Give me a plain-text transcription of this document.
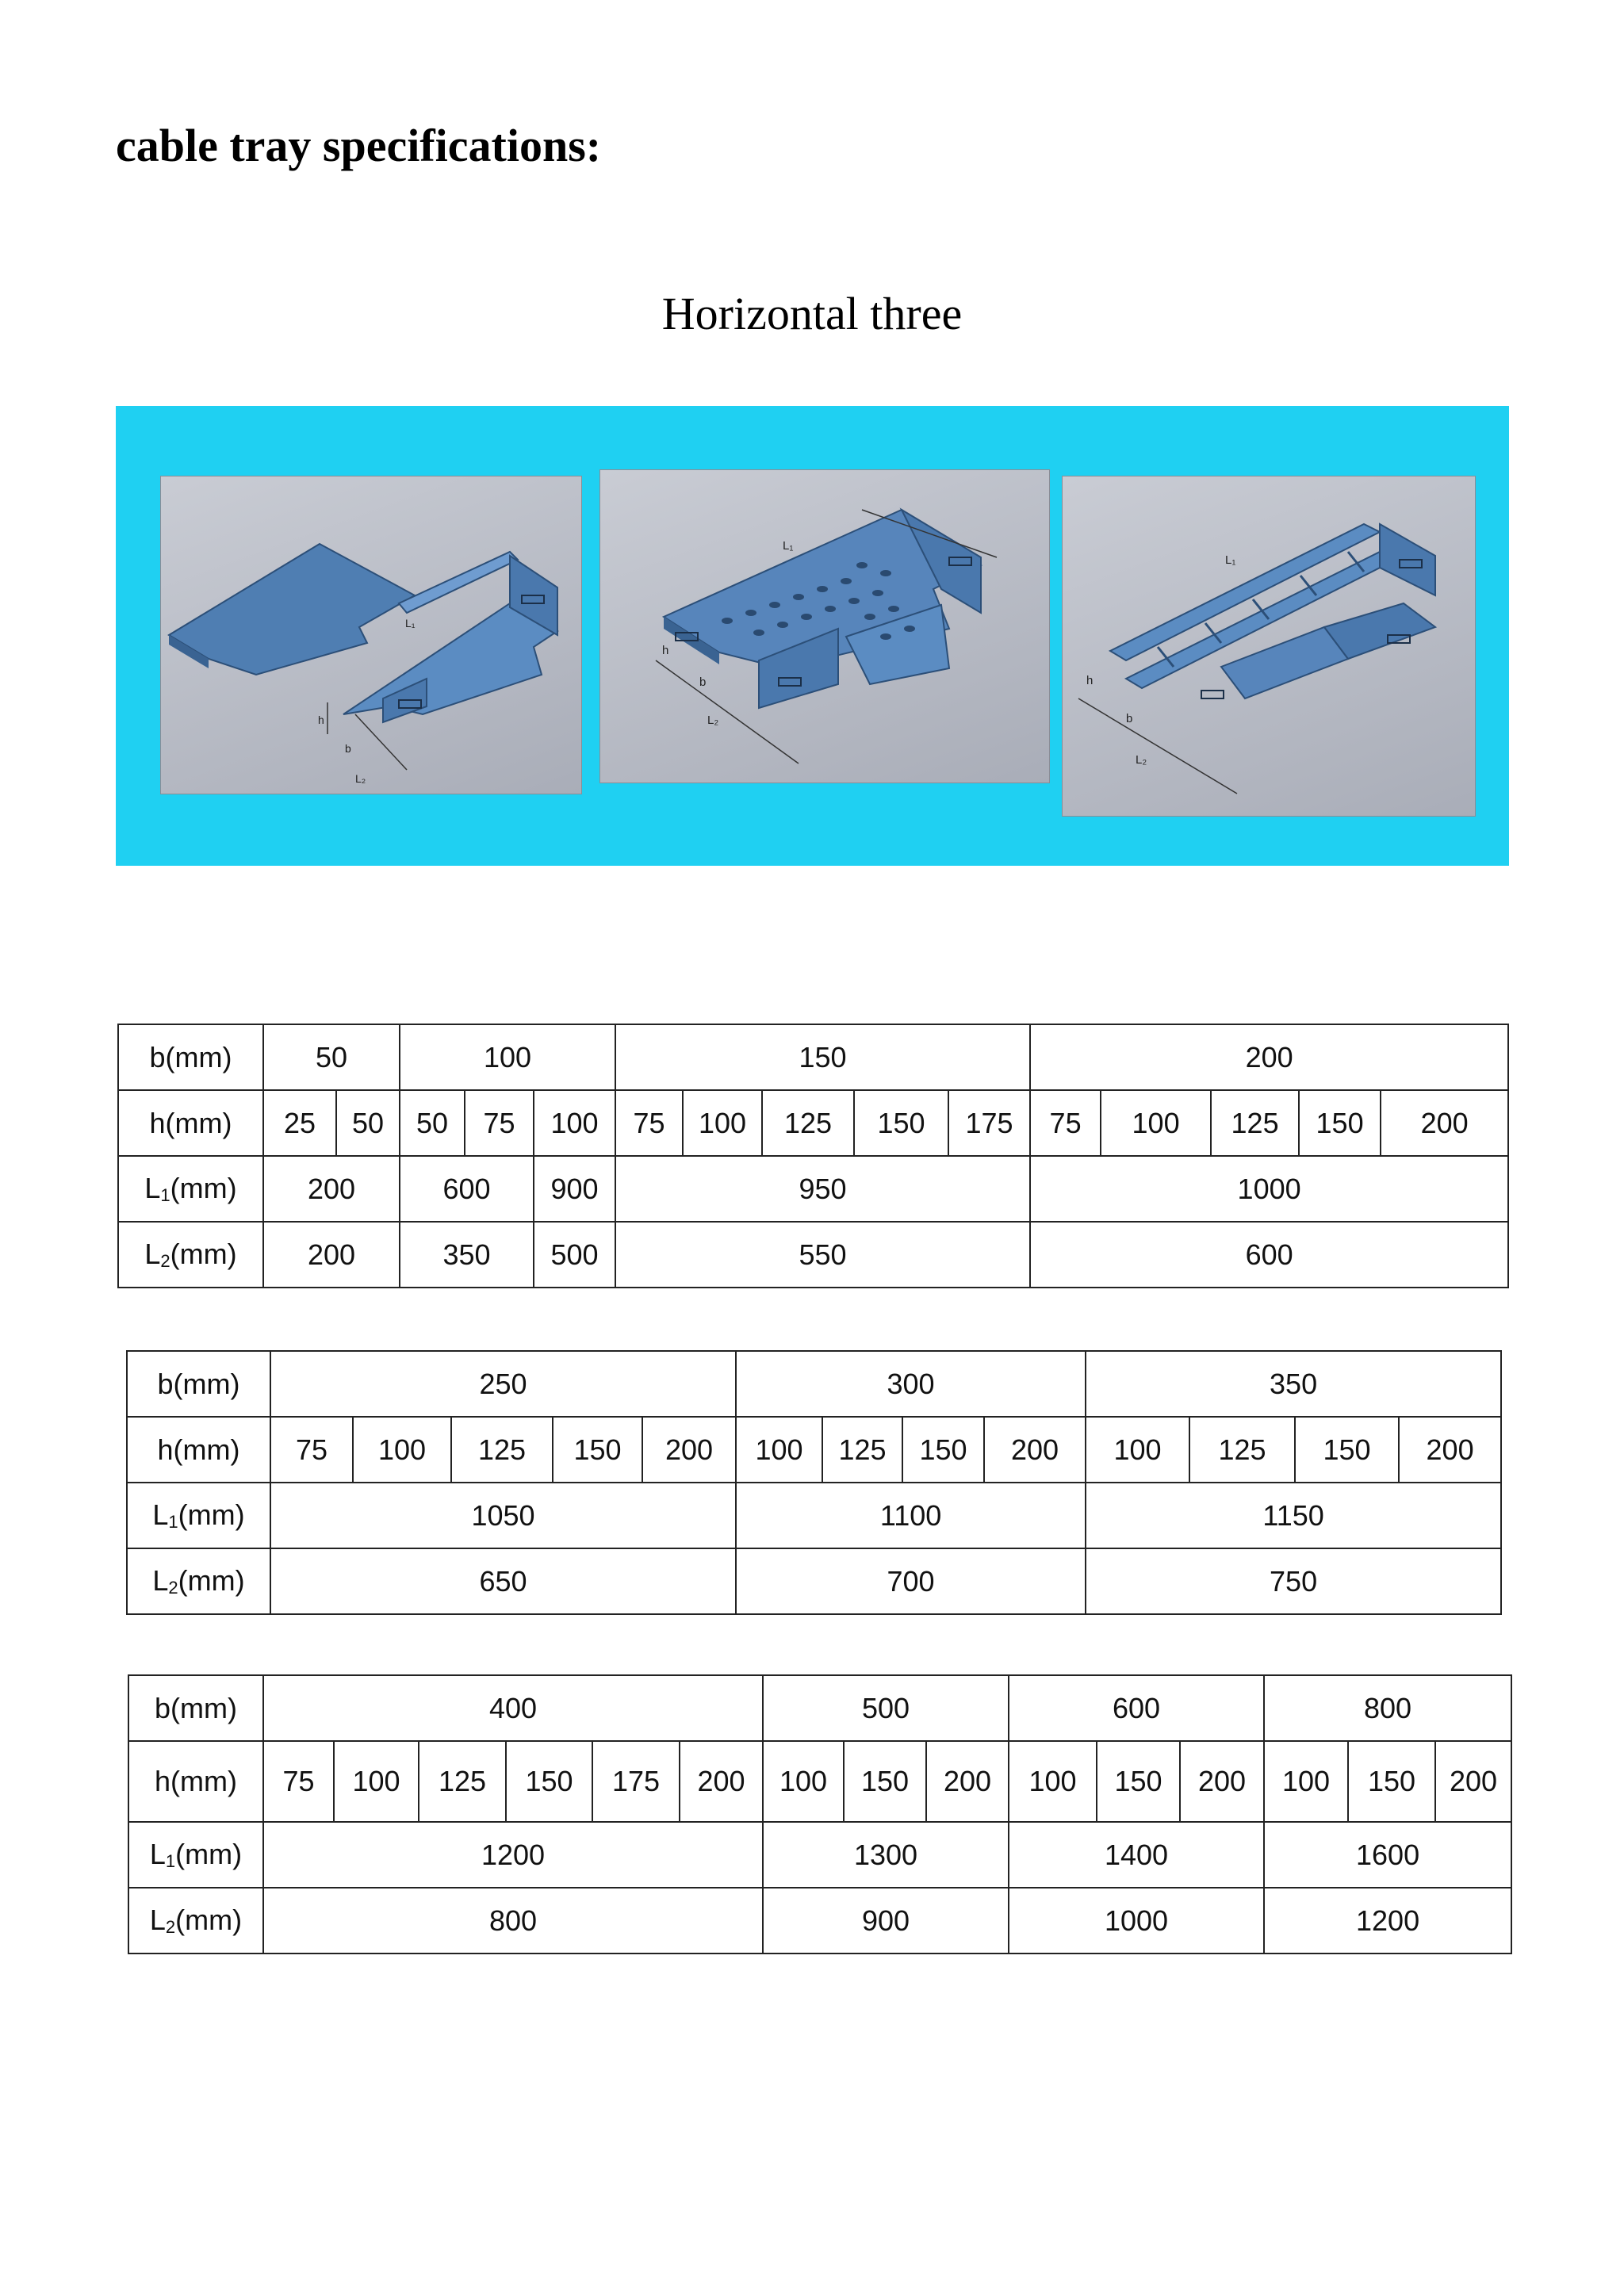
cable tray specifications:
Horizontal three
L₁
h
b
L₂
L₁
h
b
L₂
L₁
h
b
L₂
b(mm)	50		100			150					200				
h(mm)	25	50	50	75	100	75	100	125	150	175	75	100	125	150	200
$L_1(mm)$	200		600		900	950					1000				
$L_2(mm)$	200		350		500	550					600				
b(mm)	250					300				350			
h(mm)	75	100	125	150	200	100	125	150	200	100	125	150	200
$L_1(mm)$	1050					1100				1150			
$L_2(mm)$	650					700				750			
b(mm)	400						500			600			800		
h(mm)	75	100	125	150	175	200	100	150	200	100	150	200	100	150	200
$L_1(mm)$	1200						1300			1400			1600		
$L_2(mm)$	800						900			1000			1200		
